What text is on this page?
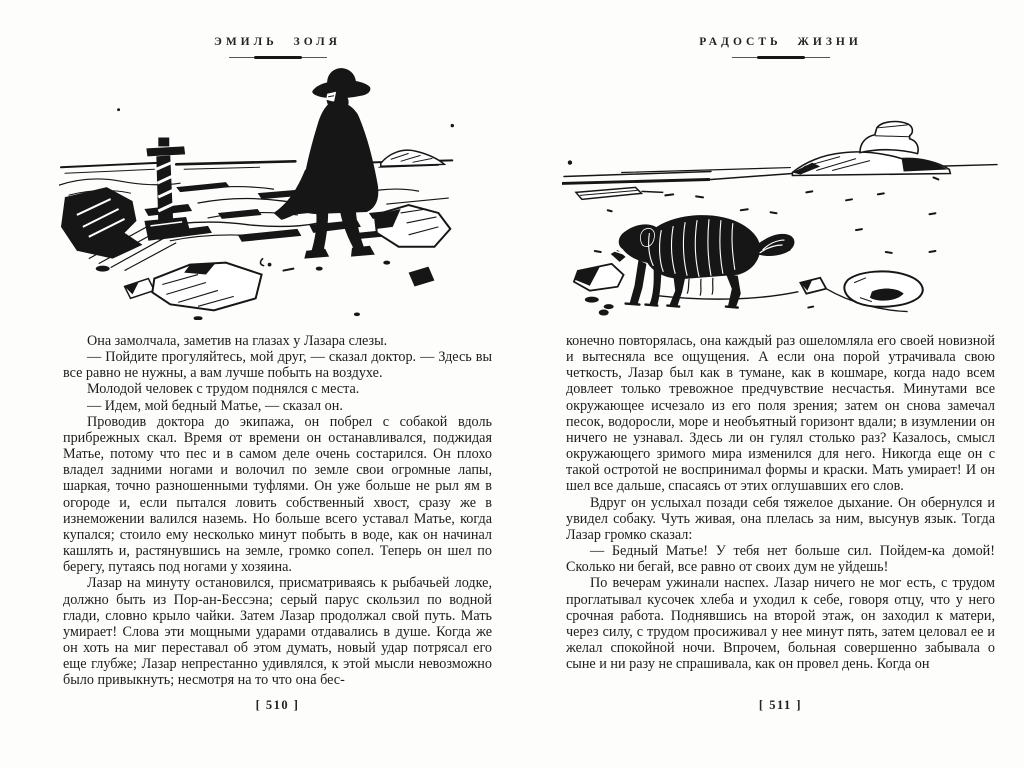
ЭМИЛЬ ЗОЛЯ

Она замолчала, заметив на глазах у Лазара слезы.

— Пойдите прогуляйтесь, мой друг, — сказал доктор. — Здесь вы все равно не нужны, а вам лучше побыть на воздухе.

Молодой человек с трудом поднялся с места.

— Идем, мой бедный Матье, — сказал он.

Проводив доктора до экипажа, он побрел с собакой вдоль прибрежных скал. Время от времени он останавливался, поджидая Матье, потому что пес и в самом деле очень состарился. Он плохо владел задними ногами и волочил по земле свои огромные лапы, шаркая, точно разношенными туфлями. Он уже больше не рыл ям в огороде и, если пытался ловить собственный хвост, сразу же в изнеможении валился наземь. Но больше всего уставал Матье, когда купался; стоило ему несколько минут побыть в воде, как он начинал кашлять и, растянувшись на земле, громко сопел. Теперь он шел по берегу, путаясь под ногами у хозяина.

Лазар на минуту остановился, присматриваясь к рыбачьей лодке, должно быть из Пор-ан-Бессэна; серый парус скользил по водной глади, словно крыло чайки. Затем Лазар продолжал свой путь. Мать умирает! Слова эти мощными ударами отдавались в душе. Когда же он хоть на миг переставал об этом думать, новый удар потрясал его еще глубже; Лазар непрестанно удивлялся, к этой мысли невозможно было привыкнуть; несмотря на то что она бес-

[ 510 ]
РАДОСТЬ ЖИЗНИ

конечно повторялась, она каждый раз ошеломляла его своей новизной и вытесняла все ощущения. А если она порой утрачивала свою четкость, Лазар был как в тумане, как в кошмаре, когда надо всем довлеет только тревожное предчувствие несчастья. Минутами все окружающее исчезало из его поля зрения; затем он снова замечал песок, водоросли, море и необъятный горизонт вдали; в изумлении он ничего не узнавал. Здесь ли он гулял столько раз? Казалось, смысл окружающего зримого мира изменился для него. Никогда еще он с такой остротой не воспринимал формы и краски. Мать умирает! И он шел все дальше, спасаясь от этих оглушавших его слов.

Вдруг он услыхал позади себя тяжелое дыхание. Он обернулся и увидел собаку. Чуть живая, она плелась за ним, высунув язык. Тогда Лазар громко сказал:

— Бедный Матье! У тебя нет больше сил. Пойдем-ка домой! Сколько ни бегай, все равно от своих дум не уйдешь!

По вечерам ужинали наспех. Лазар ничего не мог есть, с трудом проглатывал кусочек хлеба и уходил к себе, говоря отцу, что у него срочная работа. Поднявшись на второй этаж, он заходил к матери, через силу, с трудом просиживал у нее минут пять, затем целовал ее и желал спокойной ночи. Впрочем, больная совершенно забывала о сыне и ни разу не спрашивала, как он провел день. Когда он

[ 511 ]
